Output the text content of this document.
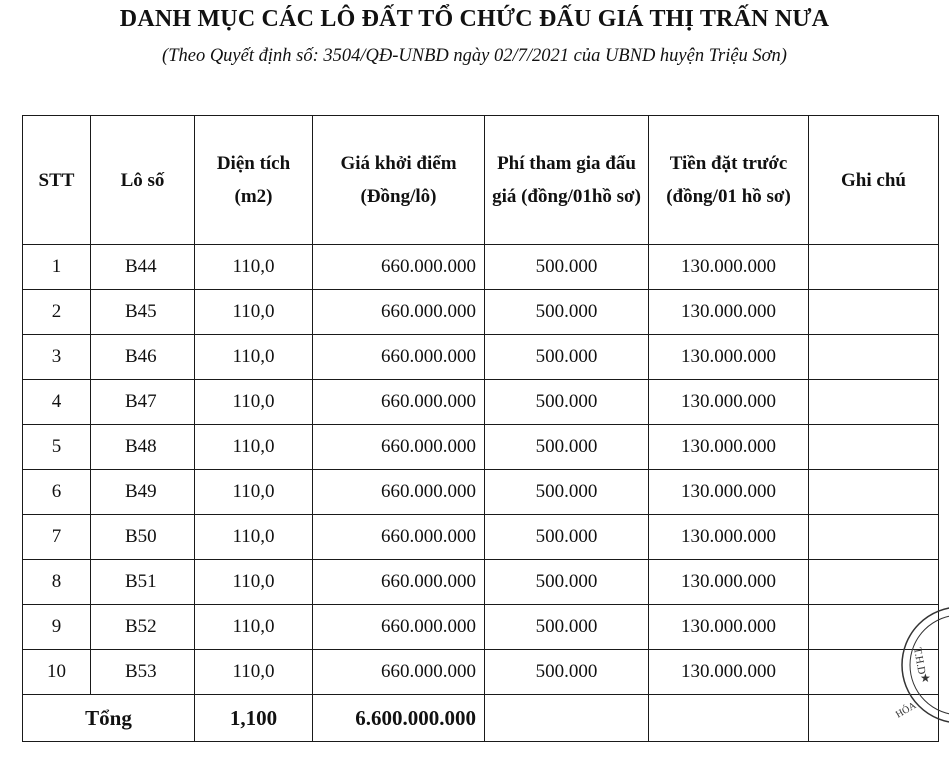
DANH MỤC CÁC LÔ ĐẤT TỔ CHỨC ĐẤU GIÁ THỊ TRẤN NƯA
(Theo Quyết định số: 3504/QĐ-UNBD ngày 02/7/2021 của UBND huyện Triệu Sơn)
STT	Lô số	Diện tích (m2)	Giá khởi điểm (Đồng/lô)	Phí tham gia đấu giá (đồng/01hồ sơ)	Tiền đặt trước (đồng/01 hồ sơ)	Ghi chú
1	B44	110,0	660.000.000	500.000	130.000.000	
2	B45	110,0	660.000.000	500.000	130.000.000	
3	B46	110,0	660.000.000	500.000	130.000.000	
4	B47	110,0	660.000.000	500.000	130.000.000	
5	B48	110,0	660.000.000	500.000	130.000.000	
6	B49	110,0	660.000.000	500.000	130.000.000	
7	B50	110,0	660.000.000	500.000	130.000.000	
8	B51	110,0	660.000.000	500.000	130.000.000	
9	B52	110,0	660.000.000	500.000	130.000.000	
10	B53	110,0	660.000.000	500.000	130.000.000	
Tổng		1,100	6.600.000.000			
T.H.D
★
HÓA
